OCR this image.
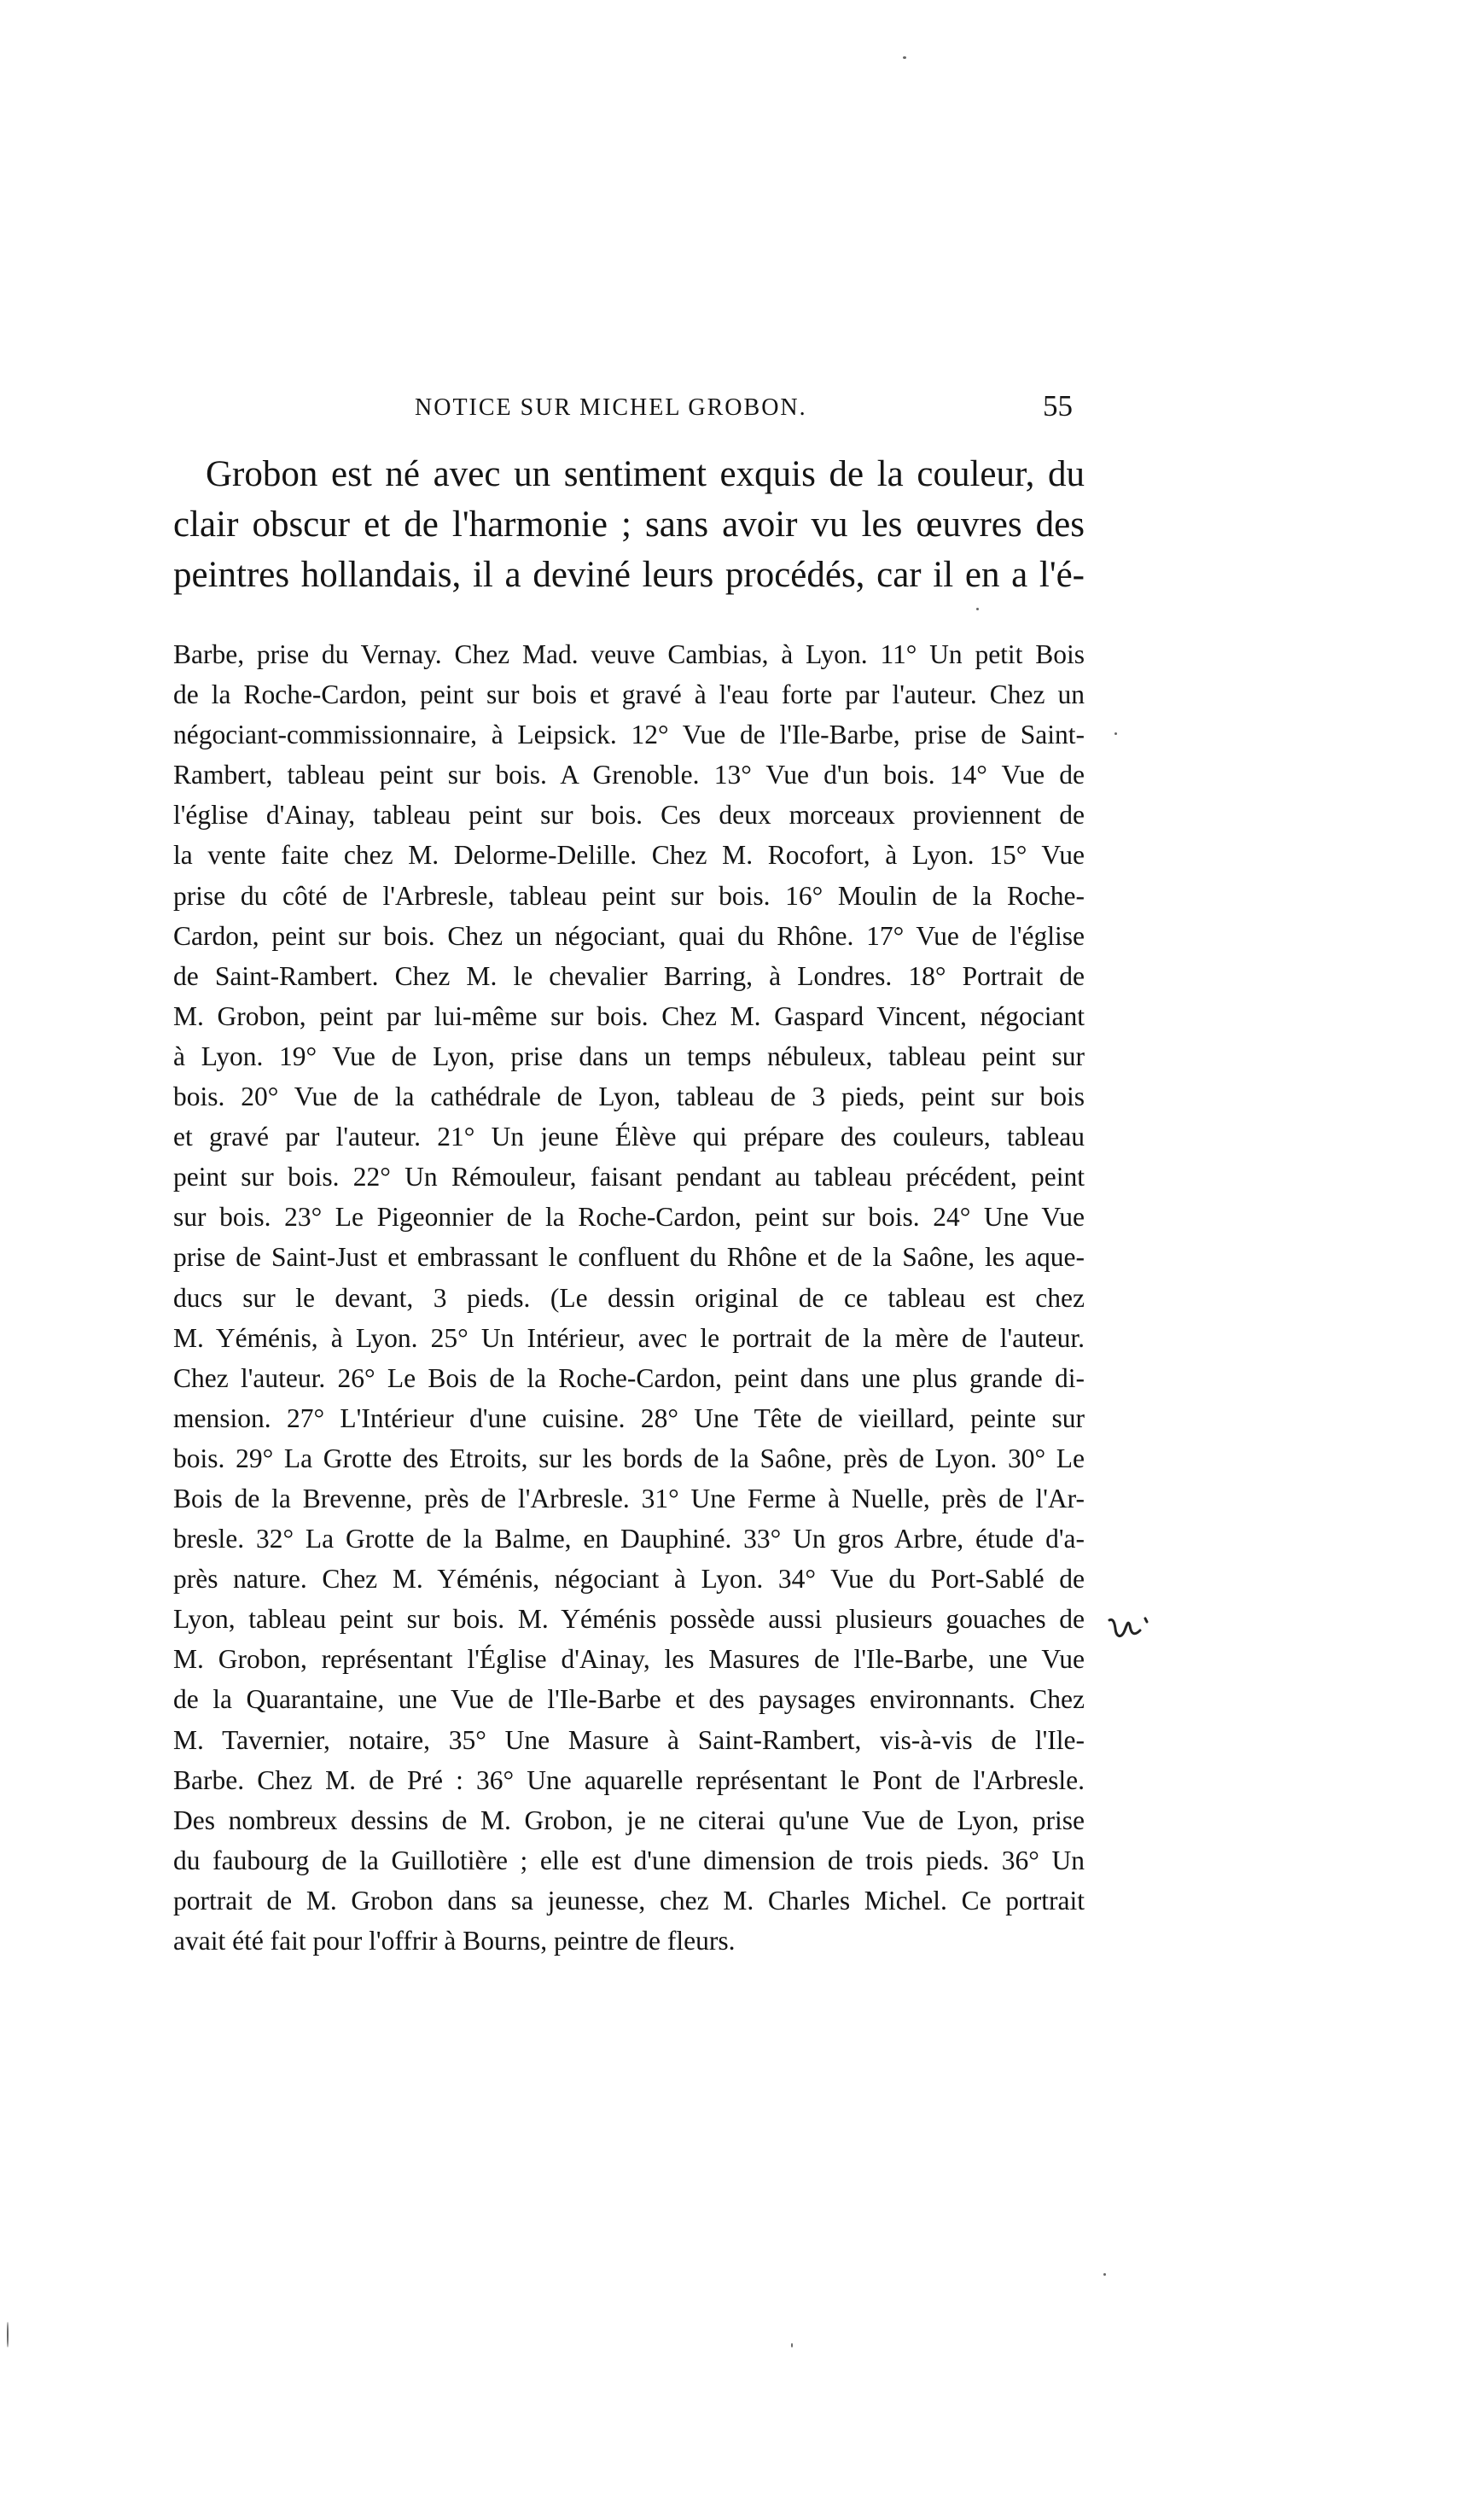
NOTICE SUR MICHEL GROBON.	55
Grobon est né avec un sentiment exquis de la couleur, du
clair obscur et de l'harmonie ; sans avoir vu les œuvres des
peintres hollandais, il a deviné leurs procédés, car il en a l'é-
Barbe, prise du Vernay. Chez Mad. veuve Cambias, à Lyon. 11° Un petit Bois
de la Roche-Cardon, peint sur bois et gravé à l'eau forte par l'auteur. Chez un
négociant-commissionnaire, à Leipsick. 12° Vue de l'Ile-Barbe, prise de Saint-
Rambert, tableau peint sur bois. A Grenoble. 13° Vue d'un bois. 14° Vue de
l'église d'Ainay, tableau peint sur bois. Ces deux morceaux proviennent de
la vente faite chez M. Delorme-Delille. Chez M. Rocofort, à Lyon. 15° Vue
prise du côté de l'Arbresle, tableau peint sur bois. 16° Moulin de la Roche-
Cardon, peint sur bois. Chez un négociant, quai du Rhône. 17° Vue de l'église
de Saint-Rambert. Chez M. le chevalier Barring, à Londres. 18° Portrait de
M. Grobon, peint par lui-même sur bois. Chez M. Gaspard Vincent, négociant
à Lyon. 19° Vue de Lyon, prise dans un temps nébuleux, tableau peint sur
bois. 20° Vue de la cathédrale de Lyon, tableau de 3 pieds, peint sur bois
et gravé par l'auteur. 21° Un jeune Élève qui prépare des couleurs, tableau
peint sur bois. 22° Un Rémouleur, faisant pendant au tableau précédent, peint
sur bois. 23° Le Pigeonnier de la Roche-Cardon, peint sur bois. 24° Une Vue
prise de Saint-Just et embrassant le confluent du Rhône et de la Saône, les aque-
ducs sur le devant, 3 pieds. (Le dessin original de ce tableau est chez
M. Yéménis, à Lyon. 25° Un Intérieur, avec le portrait de la mère de l'auteur.
Chez l'auteur. 26° Le Bois de la Roche-Cardon, peint dans une plus grande di-
mension. 27° L'Intérieur d'une cuisine. 28° Une Tête de vieillard, peinte sur
bois. 29° La Grotte des Etroits, sur les bords de la Saône, près de Lyon. 30° Le
Bois de la Brevenne, près de l'Arbresle. 31° Une Ferme à Nuelle, près de l'Ar-
bresle. 32° La Grotte de la Balme, en Dauphiné. 33° Un gros Arbre, étude d'a-
près nature. Chez M. Yéménis, négociant à Lyon. 34° Vue du Port-Sablé de
Lyon, tableau peint sur bois. M. Yéménis possède aussi plusieurs gouaches de
M. Grobon, représentant l'Église d'Ainay, les Masures de l'Ile-Barbe, une Vue
de la Quarantaine, une Vue de l'Ile-Barbe et des paysages environnants. Chez
M. Tavernier, notaire, 35° Une Masure à Saint-Rambert, vis-à-vis de l'Ile-
Barbe. Chez M. de Pré : 36° Une aquarelle représentant le Pont de l'Arbresle.
Des nombreux dessins de M. Grobon, je ne citerai qu'une Vue de Lyon, prise
du faubourg de la Guillotière ; elle est d'une dimension de trois pieds. 36° Un
portrait de M. Grobon dans sa jeunesse, chez M. Charles Michel. Ce portrait
avait été fait pour l'offrir à Bourns, peintre de fleurs.
